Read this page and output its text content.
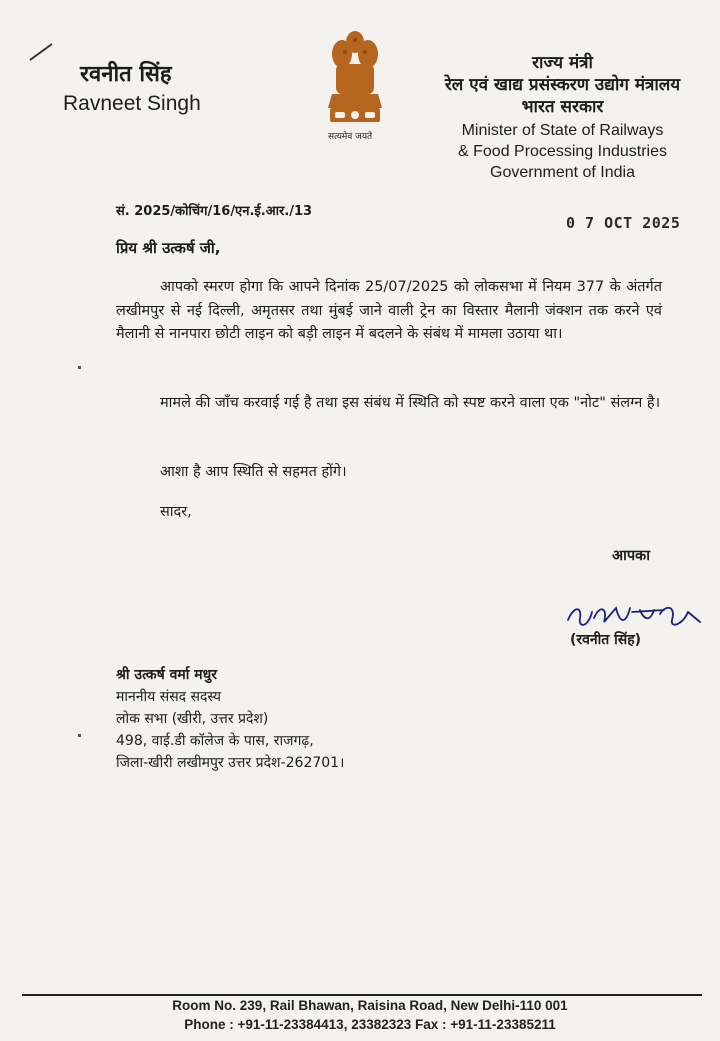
रवनीत सिंह
Ravneet Singh
सत्यमेव जयते
राज्य मंत्री
रेल एवं खाद्य प्रसंस्करण उद्योग मंत्रालय
भारत सरकार
Minister of State of Railways
& Food Processing Industries
Government of India
सं. 2025/कोचिंग/16/एन.ई.आर./13
0 7 OCT 2025
प्रिय श्री उत्कर्ष जी,
आपको स्मरण होगा कि आपने दिनांक 25/07/2025 को लोकसभा में नियम 377 के अंतर्गत लखीमपुर से नई दिल्ली, अमृतसर तथा मुंबई जाने वाली ट्रेन का विस्तार मैलानी जंक्शन तक करने एवं मैलानी से नानपारा छोटी लाइन को बड़ी लाइन में बदलने के संबंध में मामला उठाया था।
मामले की जाँच करवाई गई है तथा इस संबंध में स्थिति को स्पष्ट करने वाला एक "नोट" संलग्न है।
आशा है आप स्थिति से सहमत होंगे।
सादर,
आपका
(रवनीत सिंह)
श्री उत्कर्ष वर्मा मधुर
माननीय संसद सदस्य
लोक सभा (खीरी, उत्तर प्रदेश)
498, वाई.डी कॉलेज के पास, राजगढ़,
जिला-खीरी लखीमपुर उत्तर प्रदेश-262701।
Room No. 239, Rail Bhawan, Raisina Road, New Delhi-110 001
Phone : +91-11-23384413, 23382323 Fax : +91-11-23385211
